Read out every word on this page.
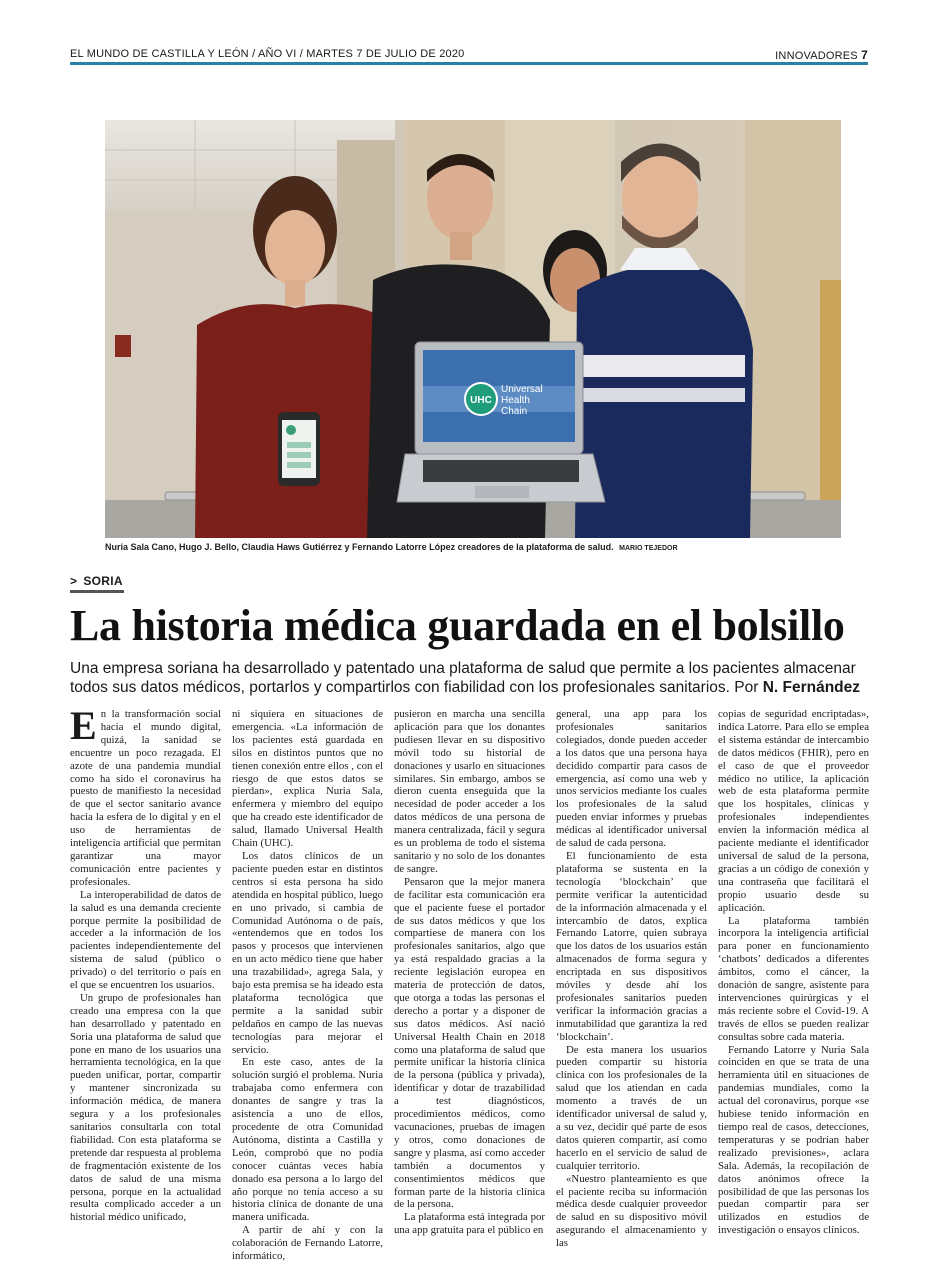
EL MUNDO DE CASTILLA Y LEÓN / AÑO VI / MARTES 7 DE JULIO DE 2020	INNOVADORES 7
UHC
Universal
Health
Chain
Nuria Sala Cano, Hugo J. Bello, Claudia Haws Gutiérrez y Fernando Latorre López creadores de la plataforma de salud. MARIO TEJEDOR
> SORIA
La historia médica guardada en el bolsillo
Una empresa soriana ha desarrollado y patentado una plataforma de salud que permite a los pacientes almacenar todos sus datos médicos, portarlos y compartirlos con fiabilidad con los profesionales sanitarios. Por N. Fernández

En la transformación social hacia el mundo digital, quizá, la sanidad se encuentre un poco rezagada. El azote de una pandemia mundial como ha sido el coronavirus ha puesto de manifiesto la necesidad de que el sector sanitario avance hacia la esfera de lo digital y en el uso de herramientas de inteligencia artificial que permitan garantizar una mayor comunicación entre pacientes y profesionales.

La interoperabilidad de datos de la salud es una demanda creciente porque permite la posibilidad de acceder a la información de los pacientes independientemente del sistema de salud (público o privado) o del territorio o país en el que se encuentren los usuarios.

Un grupo de profesionales han creado una empresa con la que han desarrollado y patentado en Soria una plataforma de salud que pone en mano de los usuarios una herramienta tecnológica, en la que pueden unificar, portar, compartir y mantener sincronizada su información médica, de manera segura y a los profesionales sanitarios consultarla con total fiabilidad. Con esta plataforma se pretende dar respuesta al problema de fragmentación existente de los datos de salud de una misma persona, porque en la actualidad resulta complicado acceder a un historial médico unificado,

ni siquiera en situaciones de emergencia. «La información de los pacientes está guardada en silos en distintos puntos que no tienen conexión entre ellos , con el riesgo de que estos datos se pierdan», explica Nuria Sala, enfermera y miembro del equipo que ha creado este identificador de salud, llamado Universal Health Chain (UHC).

Los datos clínicos de un paciente pueden estar en distintos centros si esta persona ha sido atendida en hospital público, luego en uno privado, si cambia de Comunidad Autónoma o de país, «entendemos que en todos los pasos y procesos que intervienen en un acto médico tiene que haber una trazabilidad», agrega Sala, y bajo esta premisa se ha ideado esta plataforma tecnológica que permite a la sanidad subir peldaños en campo de las nuevas tecnologías para mejorar el servicio.

En este caso, antes de la solución surgió el problema. Nuria trabajaba como enfermera con donantes de sangre y tras la asistencia a uno de ellos, procedente de otra Comunidad Autónoma, distinta a Castilla y León, comprobó que no podía conocer cuántas veces había donado esa persona a lo largo del año porque no tenía acceso a su historia clínica de donante de una manera unificada.

A partir de ahí y con la colaboración de Fernando Latorre, informático,

pusieron en marcha una sencilla aplicación para que los donantes pudiesen llevar en su dispositivo móvil todo su historial de donaciones y usarlo en situaciones similares. Sin embargo, ambos se dieron cuenta enseguida que la necesidad de poder acceder a los datos médicos de una persona de manera centralizada, fácil y segura es un problema de todo el sistema sanitario y no solo de los donantes de sangre.

Pensaron que la mejor manera de facilitar esta comunicación era que el paciente fuese el portador de sus datos médicos y que los compartiese de manera con los profesionales sanitarios, algo que ya está respaldado gracias a la reciente legislación europea en materia de protección de datos, que otorga a todas las personas el derecho a portar y a disponer de sus datos médicos. Así nació Universal Health Chain en 2018 como una plataforma de salud que permite unificar la historia clínica de la persona (pública y privada), identificar y dotar de trazabilidad a test diagnósticos, procedimientos médicos, como vacunaciones, pruebas de imagen y otros, como donaciones de sangre y plasma, así como acceder también a documentos y consentimientos médicos que forman parte de la historia clínica de la persona.

La plataforma está integrada por una app gratuita para el público en

general, una app para los profesionales sanitarios colegiados, donde pueden acceder a los datos que una persona haya decidido compartir para casos de emergencia, así como una web y unos servicios mediante los cuales los profesionales de la salud pueden enviar informes y pruebas médicas al identificador universal de salud de cada persona.

El funcionamiento de esta plataforma se sustenta en la tecnología ‘blockchain’ que permite verificar la autenticidad de la información almacenada y el intercambio de datos, explica Fernando Latorre, quien subraya que los datos de los usuarios están almacenados de forma segura y encriptada en sus dispositivos móviles y desde ahí los profesionales sanitarios pueden verificar la información gracias a inmutabilidad que garantiza la red ‘blockchain’.

De esta manera los usuarios pueden compartir su historia clínica con los profesionales de la salud que los atiendan en cada momento a través de un identificador universal de salud y, a su vez, decidir qué parte de esos datos quieren compartir, así como hacerlo en el servicio de salud de cualquier territorio.

«Nuestro planteamiento es que el paciente reciba su información médica desde cualquier proveedor de salud en su dispositivo móvil asegurando el almacenamiento y las

copias de seguridad encriptadas», indica Latorre. Para ello se emplea el sistema estándar de intercambio de datos médicos (FHIR), pero en el caso de que el proveedor médico no utilice, la aplicación web de esta plataforma permite que los hospitales, clínicas y profesionales independientes envíen la información médica al paciente mediante el identificador universal de salud de la persona, gracias a un código de conexión y una contraseña que facilitará el propio usuario desde su aplicación.

La plataforma también incorpora la inteligencia artificial para poner en funcionamiento ‘chatbots’ dedicados a diferentes ámbitos, como el cáncer, la donación de sangre, asistente para intervenciones quirúrgicas y el más reciente sobre el Covid-19. A través de ellos se pueden realizar consultas sobre cada materia.

Fernando Latorre y Nuria Sala coinciden en que se trata de una herramienta útil en situaciones de pandemias mundiales, como la actual del coronavirus, porque «se hubiese tenido información en tiempo real de casos, detecciones, temperaturas y se podrían haber realizado previsiones», aclara Sala. Además, la recopilación de datos anónimos ofrece la posibilidad de que las personas los puedan compartir para ser utilizados en estudios de investigación o ensayos clínicos.
